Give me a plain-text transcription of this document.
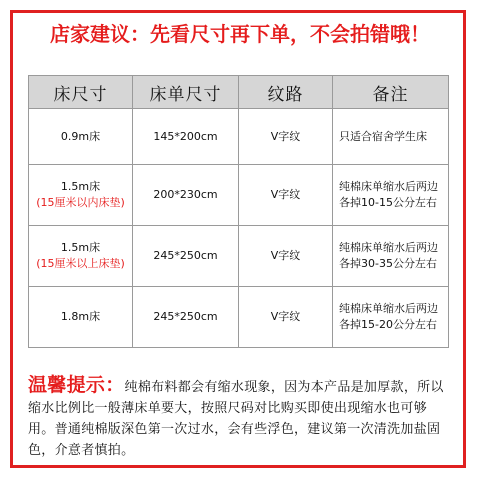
店家建议：先看尺寸再下单，不会拍错哦！
床尺寸	床单尺寸	纹路	备注
0.9m床	145*200cm	V字纹	只适合宿舍学生床

1.5m床
(15厘米以内床垫)	200*230cm	V字纹	纯棉床单缩水后两边各掉10-15公分左右

1.5m床
(15厘米以上床垫)	245*250cm	V字纹	纯棉床单缩水后两边各掉30-35公分左右
1.8m床	245*250cm	V字纹	纯棉床单缩水后两边各掉15-20公分左右
温馨提示：纯棉布料都会有缩水现象，因为本产品是加厚款，所以缩水比例比一般薄床单要大，按照尺码对比购买即使出现缩水也可够用。普通纯棉版深色第一次过水，会有些浮色，建议第一次清洗加盐固色，介意者慎拍。
